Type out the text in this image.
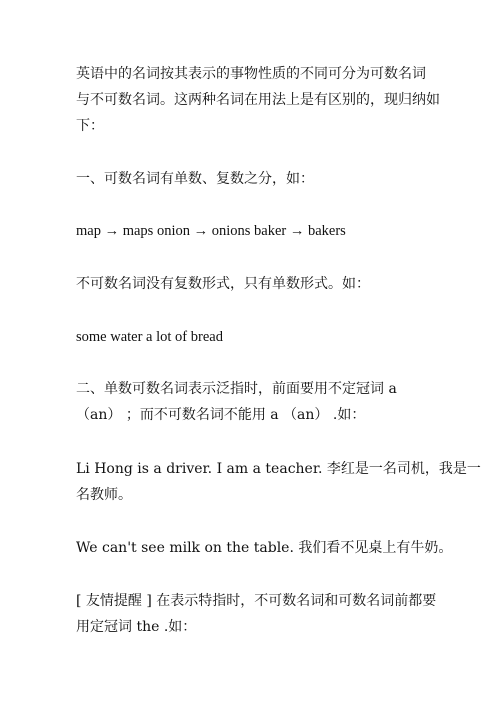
英语中的名词按其表示的事物性质的不同可分为可数名词
与不可数名词。这两种名词在用法上是有区别的，现归纳如
下：
一、可数名词有单数、复数之分，如：
map → maps onion → onions baker → bakers
不可数名词没有复数形式，只有单数形式。如：
some water a lot of bread
二、单数可数名词表示泛指时，前面要用不定冠词 a
（an） ；而不可数名词不能用 a （an） .如：
Li Hong is a driver. I am a teacher. 李红是一名司机，我是一
名教师。
We can't see milk on the table. 我们看不见桌上有牛奶。
[ 友情提醒 ] 在表示特指时，不可数名词和可数名词前都要
用定冠词 the .如：
